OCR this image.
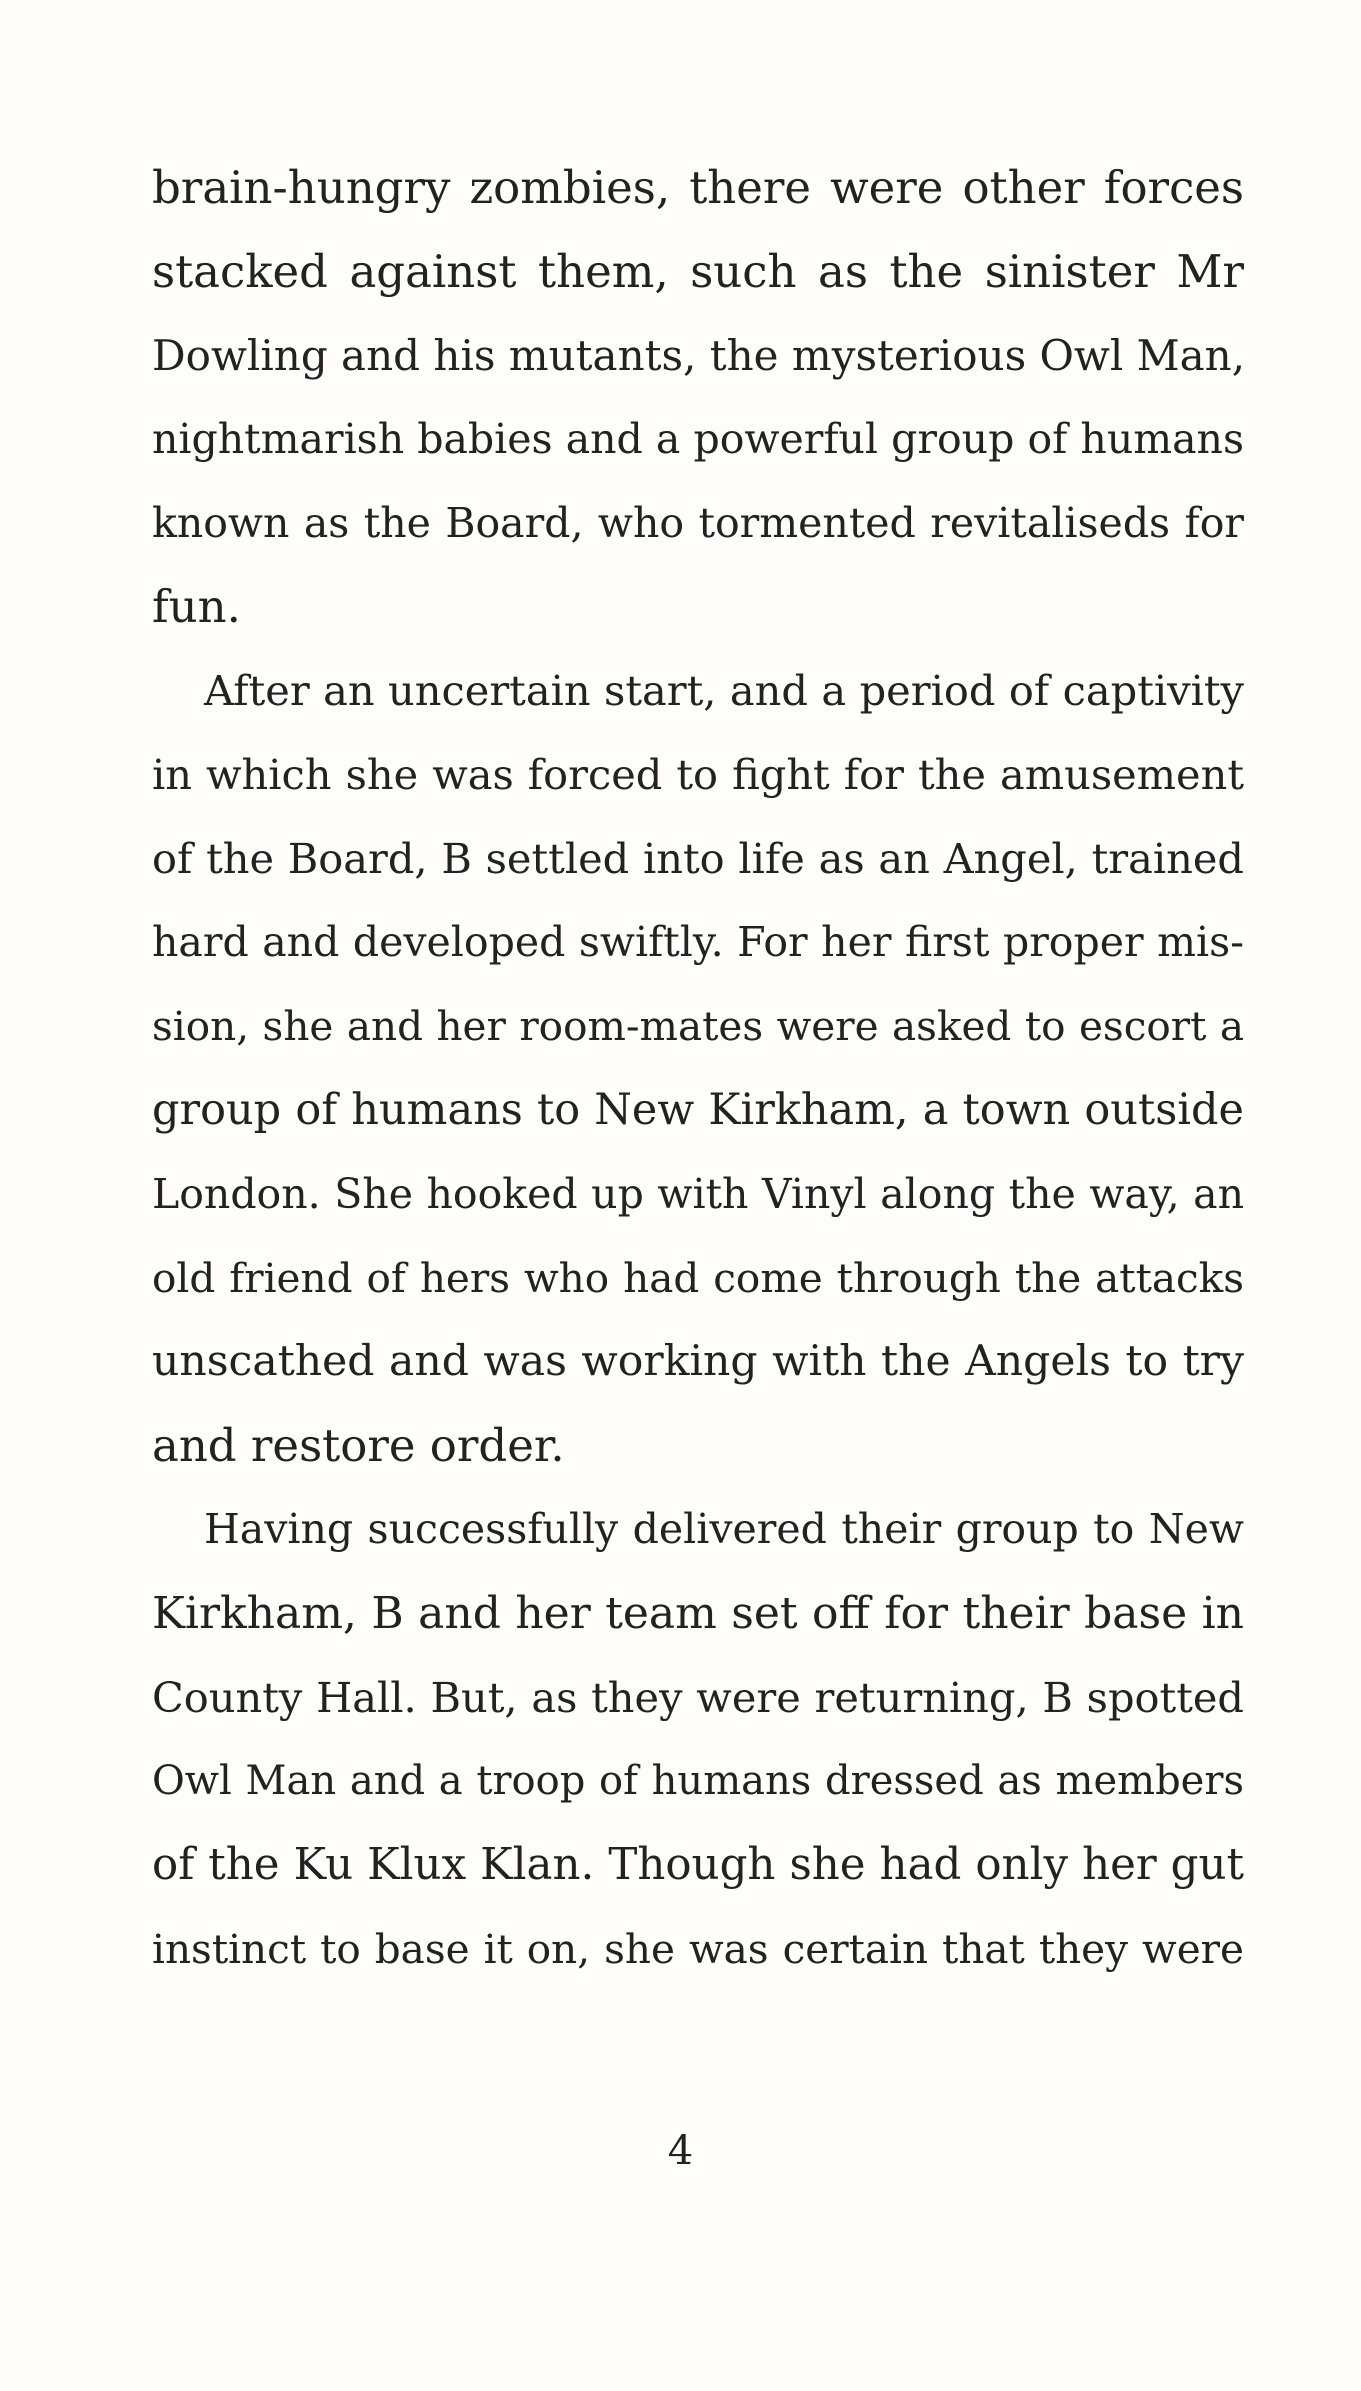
brain-hungry zombies, there were other forces
stacked against them, such as the sinister Mr
Dowling and his mutants, the mysterious Owl Man,
nightmarish babies and a powerful group of humans
known as the Board, who tormented revitaliseds for
fun.
After an uncertain start, and a period of captivity
in which she was forced to fight for the amusement
of the Board, B settled into life as an Angel, trained
hard and developed swiftly. For her first proper mis-
sion, she and her room-mates were asked to escort a
group of humans to New Kirkham, a town outside
London. She hooked up with Vinyl along the way, an
old friend of hers who had come through the attacks
unscathed and was working with the Angels to try
and restore order.
Having successfully delivered their group to New
Kirkham, B and her team set off for their base in
County Hall. But, as they were returning, B spotted
Owl Man and a troop of humans dressed as members
of the Ku Klux Klan. Though she had only her gut
instinct to base it on, she was certain that they were
4
